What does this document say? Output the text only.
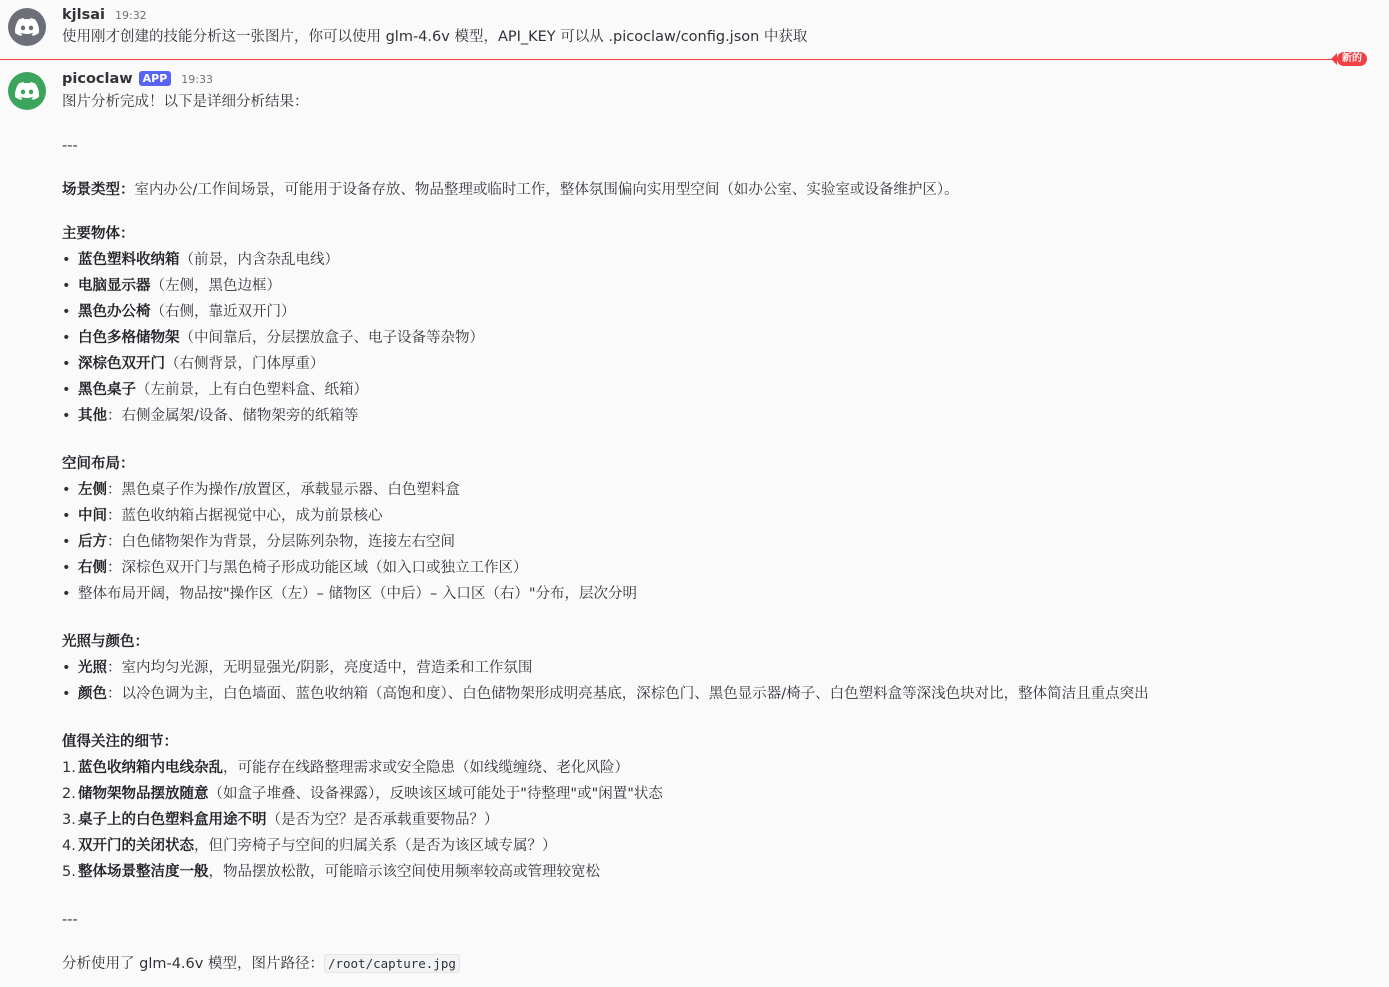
kjlsai 19:32
使用刚才创建的技能分析这一张图片，你可以使用 glm-4.6v 模型，API_KEY 可以从 .picoclaw/config.json 中获取
新的
picoclaw APP	19:33
图片分析完成！以下是详细分析结果：
---
场景类型：室内办公/工作间场景，可能用于设备存放、物品整理或临时工作，整体氛围偏向实用型空间（如办公室、实验室或设备维护区）。
主要物体：
• 蓝色塑料收纳箱（前景，内含杂乱电线）
• 电脑显示器（左侧，黑色边框）
• 黑色办公椅（右侧，靠近双开门）
• 白色多格储物架（中间靠后，分层摆放盒子、电子设备等杂物）
• 深棕色双开门（右侧背景，门体厚重）
• 黑色桌子（左前景，上有白色塑料盒、纸箱）
• 其他：右侧金属架/设备、储物架旁的纸箱等
空间布局：
• 左侧：黑色桌子作为操作/放置区，承载显示器、白色塑料盒
• 中间：蓝色收纳箱占据视觉中心，成为前景核心
• 后方：白色储物架作为背景，分层陈列杂物，连接左右空间
• 右侧：深棕色双开门与黑色椅子形成功能区域（如入口或独立工作区）
• 整体布局开阔，物品按"操作区（左）– 储物区（中后）– 入口区（右）"分布，层次分明
光照与颜色：
• 光照：室内均匀光源，无明显强光/阴影，亮度适中，营造柔和工作氛围
• 颜色：以冷色调为主，白色墙面、蓝色收纳箱（高饱和度）、白色储物架形成明亮基底，深棕色门、黑色显示器/椅子、白色塑料盒等深浅色块对比，整体简洁且重点突出
值得关注的细节：
1. 蓝色收纳箱内电线杂乱，可能存在线路整理需求或安全隐患（如线缆缠绕、老化风险）
2. 储物架物品摆放随意（如盒子堆叠、设备裸露），反映该区域可能处于"待整理"或"闲置"状态
3. 桌子上的白色塑料盒用途不明（是否为空？是否承载重要物品？）
4. 双开门的关闭状态，但门旁椅子与空间的归属关系（是否为该区域专属？）
5. 整体场景整洁度一般，物品摆放松散，可能暗示该空间使用频率较高或管理较宽松
---
分析使用了 glm-4.6v 模型，图片路径： /root/capture.jpg
